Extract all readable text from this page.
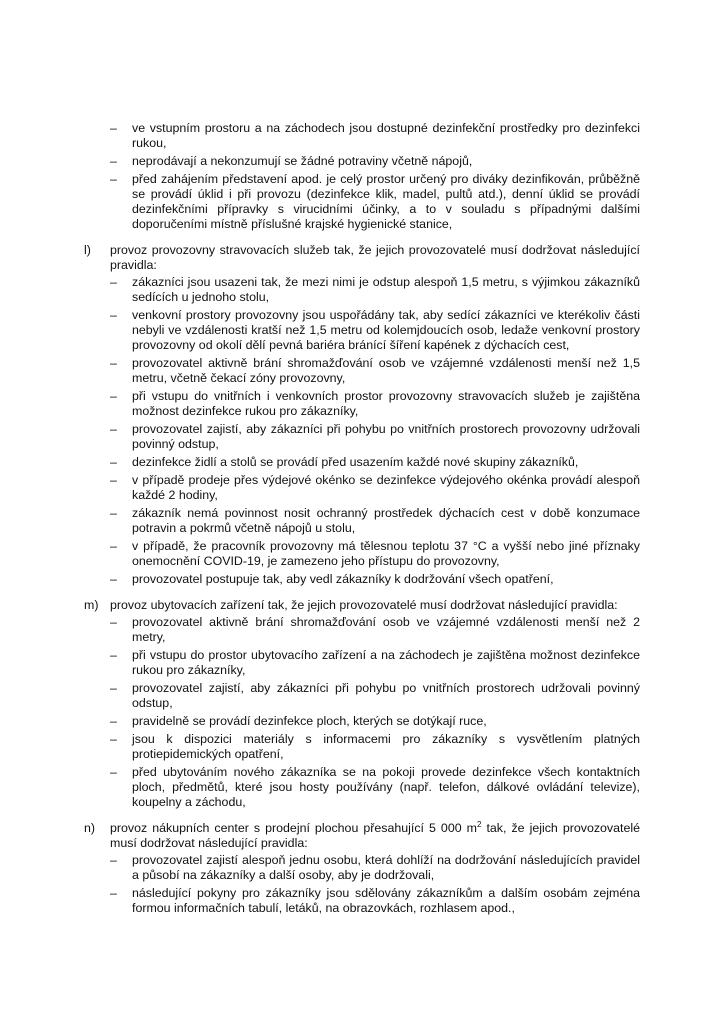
– ve vstupním prostoru a na záchodech jsou dostupné dezinfekční prostředky pro dezinfekci rukou,
– neprodávají a nekonzumují se žádné potraviny včetně nápojů,
– před zahájením představení apod. je celý prostor určený pro diváky dezinfikován, průběžně se provádí úklid i při provozu (dezinfekce klik, madel, pultů atd.), denní úklid se provádí dezinfekčními přípravky s virucidními účinky, a to v souladu s případnými dalšími doporučeními místně příslušné krajské hygienické stanice,
l) provoz provozovny stravovacích služeb tak, že jejich provozovatelé musí dodržovat následující pravidla:

– zákazníci jsou usazeni tak, že mezi nimi je odstup alespoň 1,5 metru, s výjimkou zákazníků sedících u jednoho stolu,
– venkovní prostory provozovny jsou uspořádány tak, aby sedící zákazníci ve kterékoliv části nebyli ve vzdálenosti kratší než 1,5 metru od kolemjdoucích osob, ledaže venkovní prostory provozovny od okolí dělí pevná bariéra bránící šíření kapének z dýchacích cest,
– provozovatel aktivně brání shromažďování osob ve vzájemné vzdálenosti menší než 1,5 metru, včetně čekací zóny provozovny,
– při vstupu do vnitřních i venkovních prostor provozovny stravovacích služeb je zajištěna možnost dezinfekce rukou pro zákazníky,
– provozovatel zajistí, aby zákazníci při pohybu po vnitřních prostorech provozovny udržovali povinný odstup,
– dezinfekce židlí a stolů se provádí před usazením každé nové skupiny zákazníků,
– v případě prodeje přes výdejové okénko se dezinfekce výdejového okénka provádí alespoň každé 2 hodiny,
– zákazník nemá povinnost nosit ochranný prostředek dýchacích cest v době konzumace potravin a pokrmů včetně nápojů u stolu,
– v případě, že pracovník provozovny má tělesnou teplotu 37 °C a vyšší nebo jiné příznaky onemocnění COVID-19, je zamezeno jeho přístupu do provozovny,
– provozovatel postupuje tak, aby vedl zákazníky k dodržování všech opatření,
m) provoz ubytovacích zařízení tak, že jejich provozovatelé musí dodržovat následující pravidla:

– provozovatel aktivně brání shromažďování osob ve vzájemné vzdálenosti menší než 2 metry,
– při vstupu do prostor ubytovacího zařízení a na záchodech je zajištěna možnost dezinfekce rukou pro zákazníky,
– provozovatel zajistí, aby zákazníci při pohybu po vnitřních prostorech udržovali povinný odstup,
– pravidelně se provádí dezinfekce ploch, kterých se dotýkají ruce,
– jsou k dispozici materiály s informacemi pro zákazníky s vysvětlením platných protiepidemických opatření,
– před ubytováním nového zákazníka se na pokoji provede dezinfekce všech kontaktních ploch, předmětů, které jsou hosty používány (např. telefon, dálkové ovládání televize), koupelny a záchodu,
n) provoz nákupních center s prodejní plochou přesahující 5 000 $m^2$ tak, že jejich provozovatelé musí dodržovat následující pravidla:

– provozovatel zajistí alespoň jednu osobu, která dohlíží na dodržování následujících pravidel a působí na zákazníky a další osoby, aby je dodržovali,
– následující pokyny pro zákazníky jsou sdělovány zákazníkům a dalším osobám zejména formou informačních tabulí, letáků, na obrazovkách, rozhlasem apod.,
